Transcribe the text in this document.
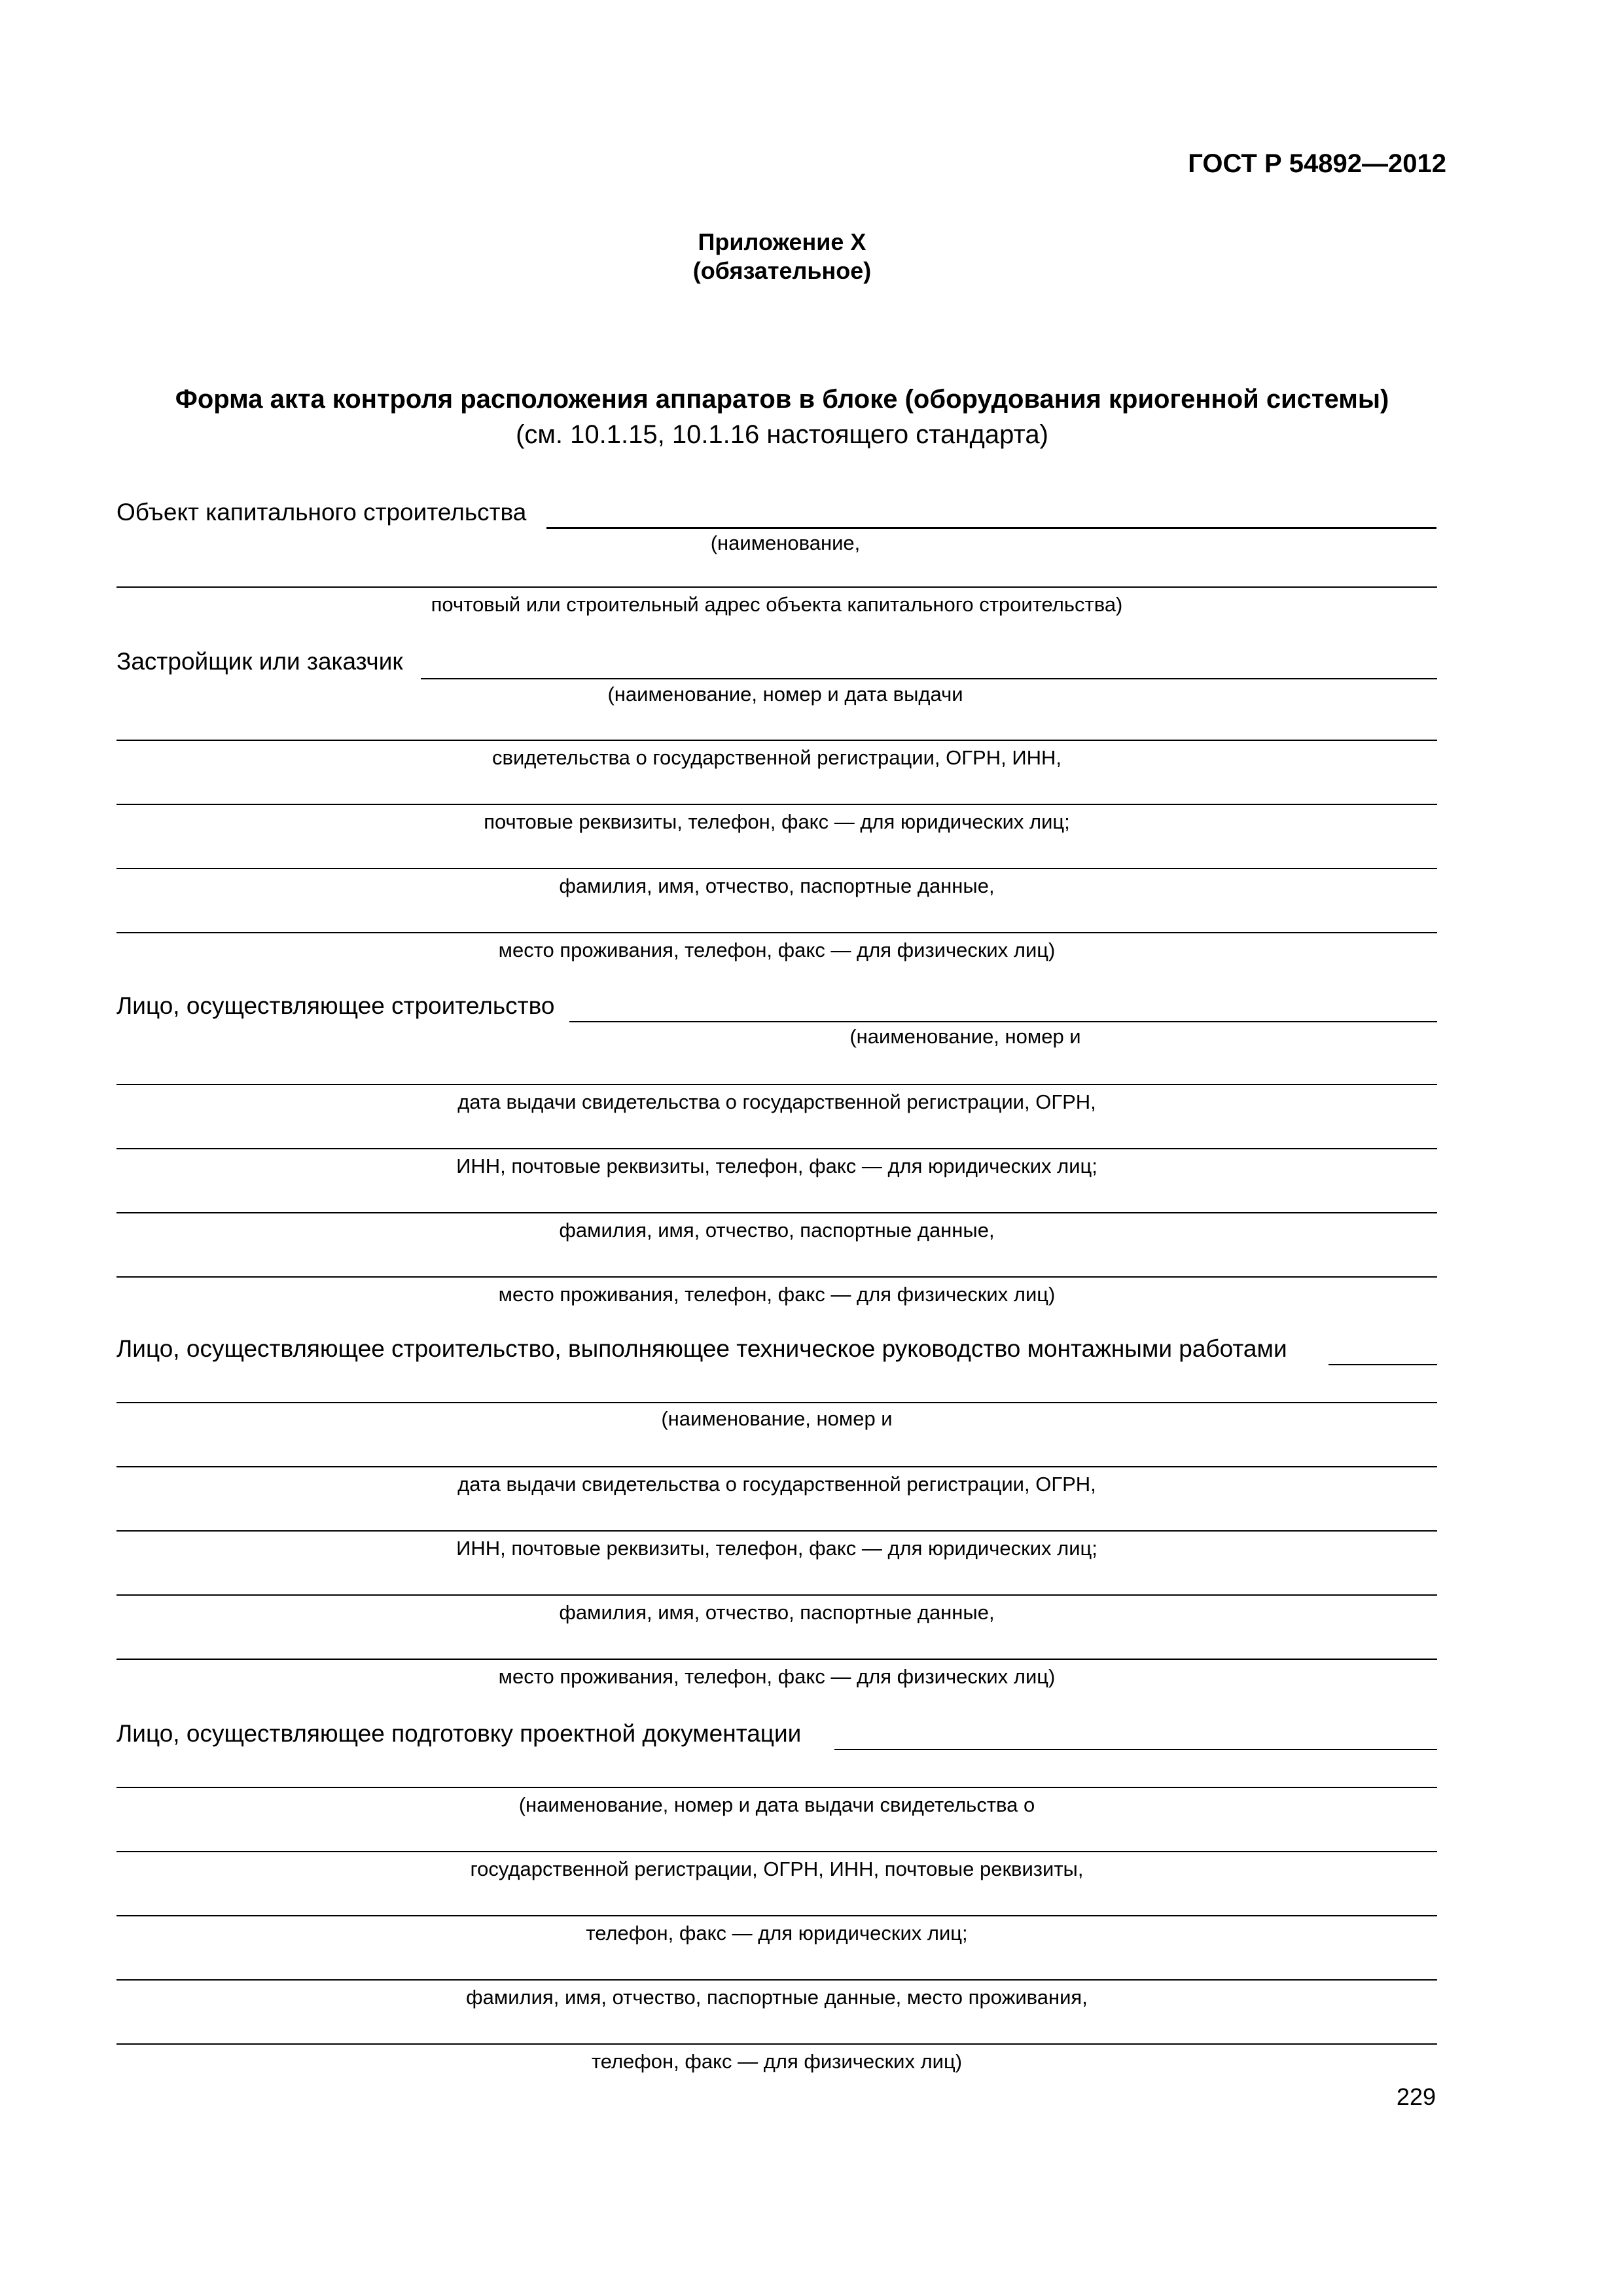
ГОСТ Р 54892—2012
Приложение Х
(обязательное)
Форма акта контроля расположения аппаратов в блоке (оборудования криогенной системы)
(см. 10.1.15, 10.1.16 настоящего стандарта)
Объект капитального строительства
(наименование,
почтовый или строительный адрес объекта капитального строительства)
Застройщик или заказчик
(наименование, номер и дата выдачи
свидетельства о государственной регистрации, ОГРН, ИНН,
почтовые реквизиты, телефон, факс — для юридических лиц;
фамилия, имя, отчество, паспортные данные,
место проживания, телефон, факс — для физических лиц)
Лицо, осуществляющее строительство
(наименование, номер и
дата выдачи свидетельства о государственной регистрации, ОГРН,
ИНН, почтовые реквизиты, телефон, факс — для юридических лиц;
фамилия, имя, отчество, паспортные данные,
место проживания, телефон, факс — для физических лиц)
Лицо, осуществляющее строительство, выполняющее техническое руководство монтажными работами
(наименование, номер и
дата выдачи свидетельства о государственной регистрации, ОГРН,
ИНН, почтовые реквизиты, телефон, факс — для юридических лиц;
фамилия, имя, отчество, паспортные данные,
место проживания, телефон, факс — для физических лиц)
Лицо, осуществляющее подготовку проектной документации
(наименование, номер и дата выдачи свидетельства о
государственной регистрации, ОГРН, ИНН, почтовые реквизиты,
телефон, факс — для юридических лиц;
фамилия, имя, отчество, паспортные данные, место проживания,
телефон, факс — для физических лиц)
229
